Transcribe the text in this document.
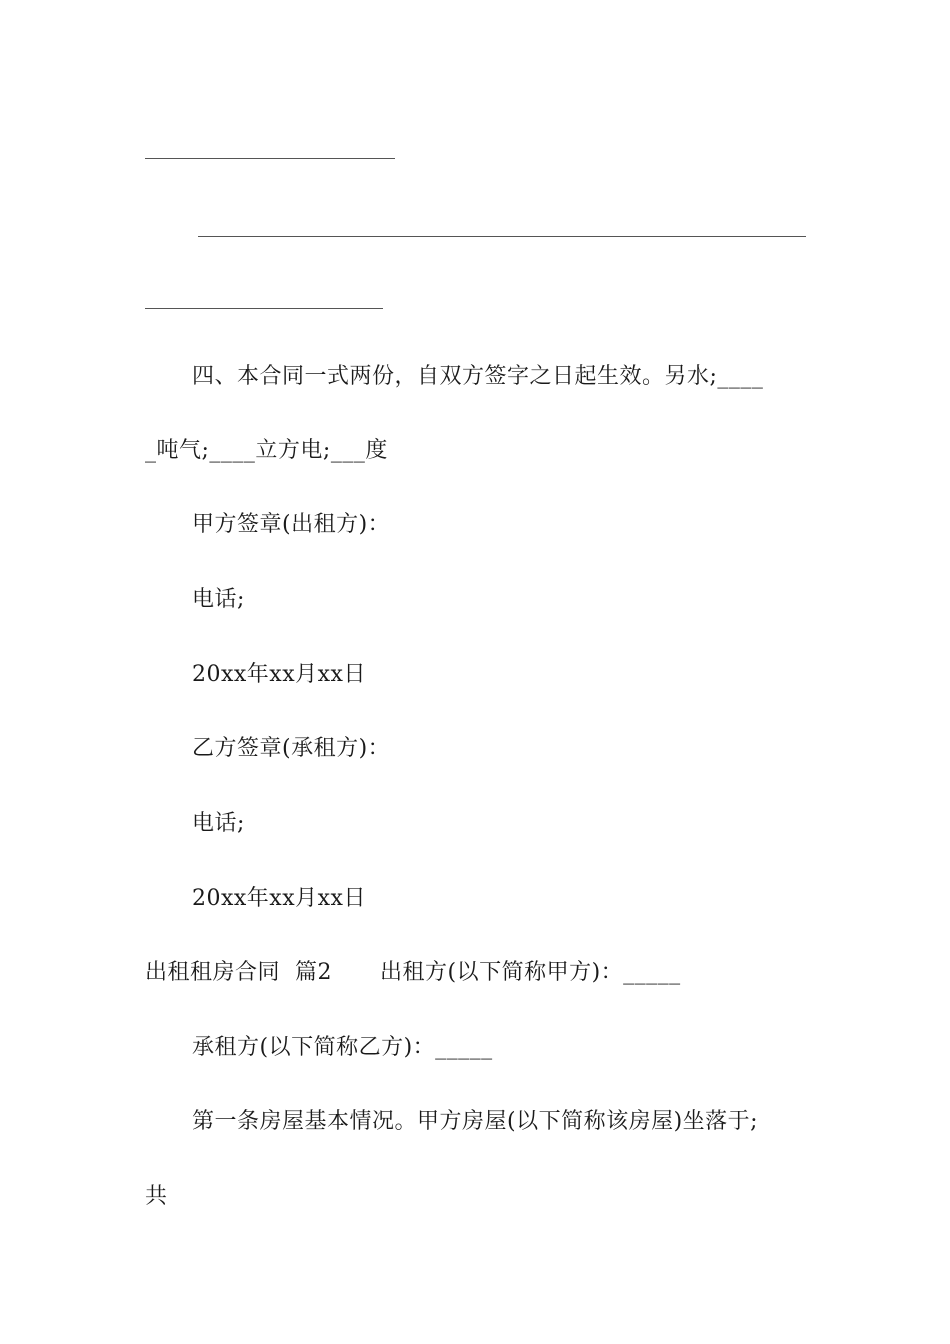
四、本合同一式两份，自双方签字之日起生效。另水;____
_吨气;____立方电;___度
甲方签章(出租方)：
电话;
20xx年xx月xx日
乙方签章(承租方)：
电话;
20xx年xx月xx日
出租租房合同  篇2 出租方(以下简称甲方)：_____
承租方(以下简称乙方)：_____
第一条房屋基本情况。甲方房屋(以下简称该房屋)坐落于;
共
